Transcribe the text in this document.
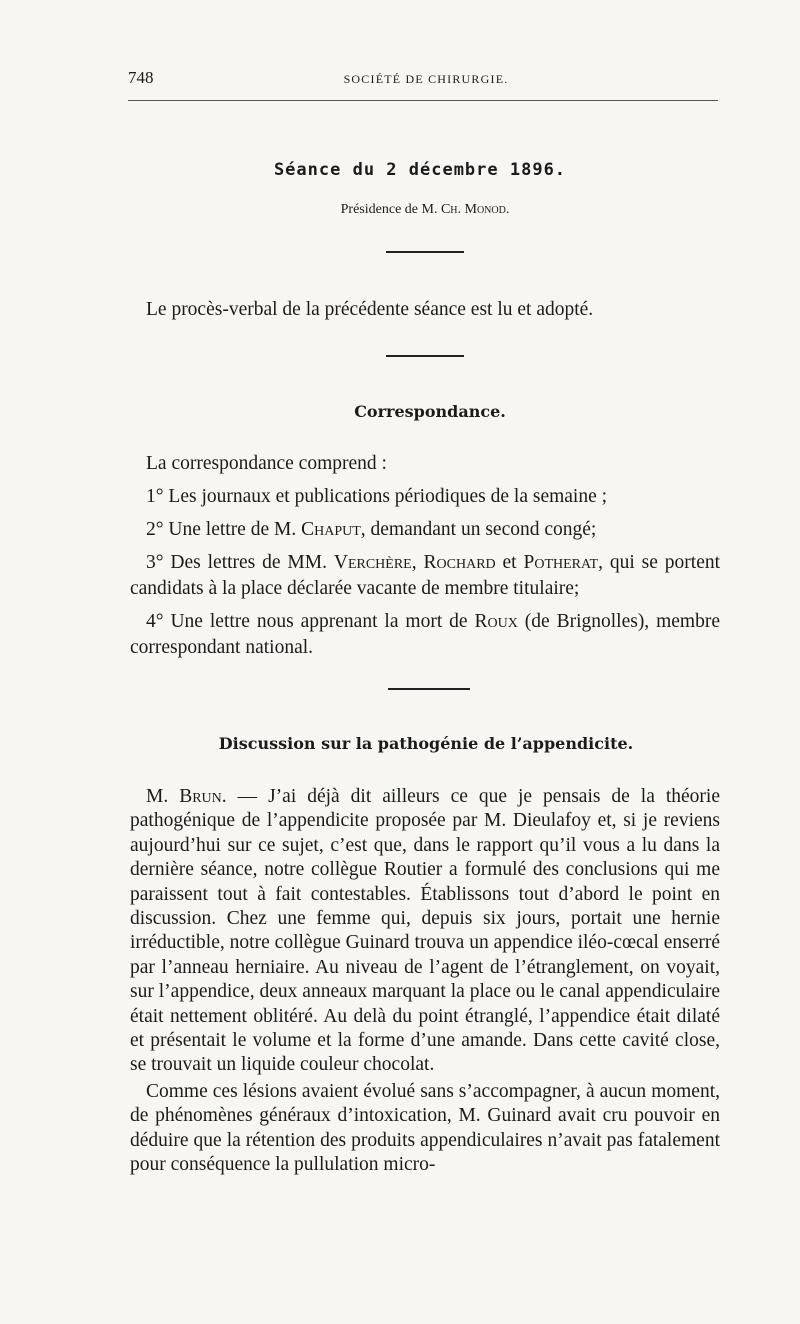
748	SOCIÉTÉ DE CHIRURGIE.
Séance du 2 décembre 1896.
Présidence de M. Ch. Monod.
Le procès-verbal de la précédente séance est lu et adopté.
Correspondance.

La correspondance comprend :

1° Les journaux et publications périodiques de la semaine ;

2° Une lettre de M. Chaput, demandant un second congé;

3° Des lettres de MM. Verchère, Rochard et Potherat, qui se portent candidats à la place déclarée vacante de membre titulaire;

4° Une lettre nous apprenant la mort de Roux (de Brignolles), membre correspondant national.

Discussion sur la pathogénie de l’appendicite.

M. Brun. — J’ai déjà dit ailleurs ce que je pensais de la théorie pathogénique de l’appendicite proposée par M. Dieulafoy et, si je reviens aujourd’hui sur ce sujet, c’est que, dans le rapport qu’il vous a lu dans la dernière séance, notre collègue Routier a formulé des conclusions qui me paraissent tout à fait contestables. Établissons tout d’abord le point en discussion. Chez une femme qui, depuis six jours, portait une hernie irréductible, notre collègue Guinard trouva un appendice iléo-cœcal enserré par l’anneau herniaire. Au niveau de l’agent de l’étranglement, on voyait, sur l’appendice, deux anneaux marquant la place ou le canal appendiculaire était nettement oblitéré. Au delà du point étranglé, l’appendice était dilaté et présentait le volume et la forme d’une amande. Dans cette cavité close, se trouvait un liquide couleur chocolat.

Comme ces lésions avaient évolué sans s’accompagner, à aucun moment, de phénomènes généraux d’intoxication, M. Guinard avait cru pouvoir en déduire que la rétention des produits appendiculaires n’avait pas fatalement pour conséquence la pullulation micro-
